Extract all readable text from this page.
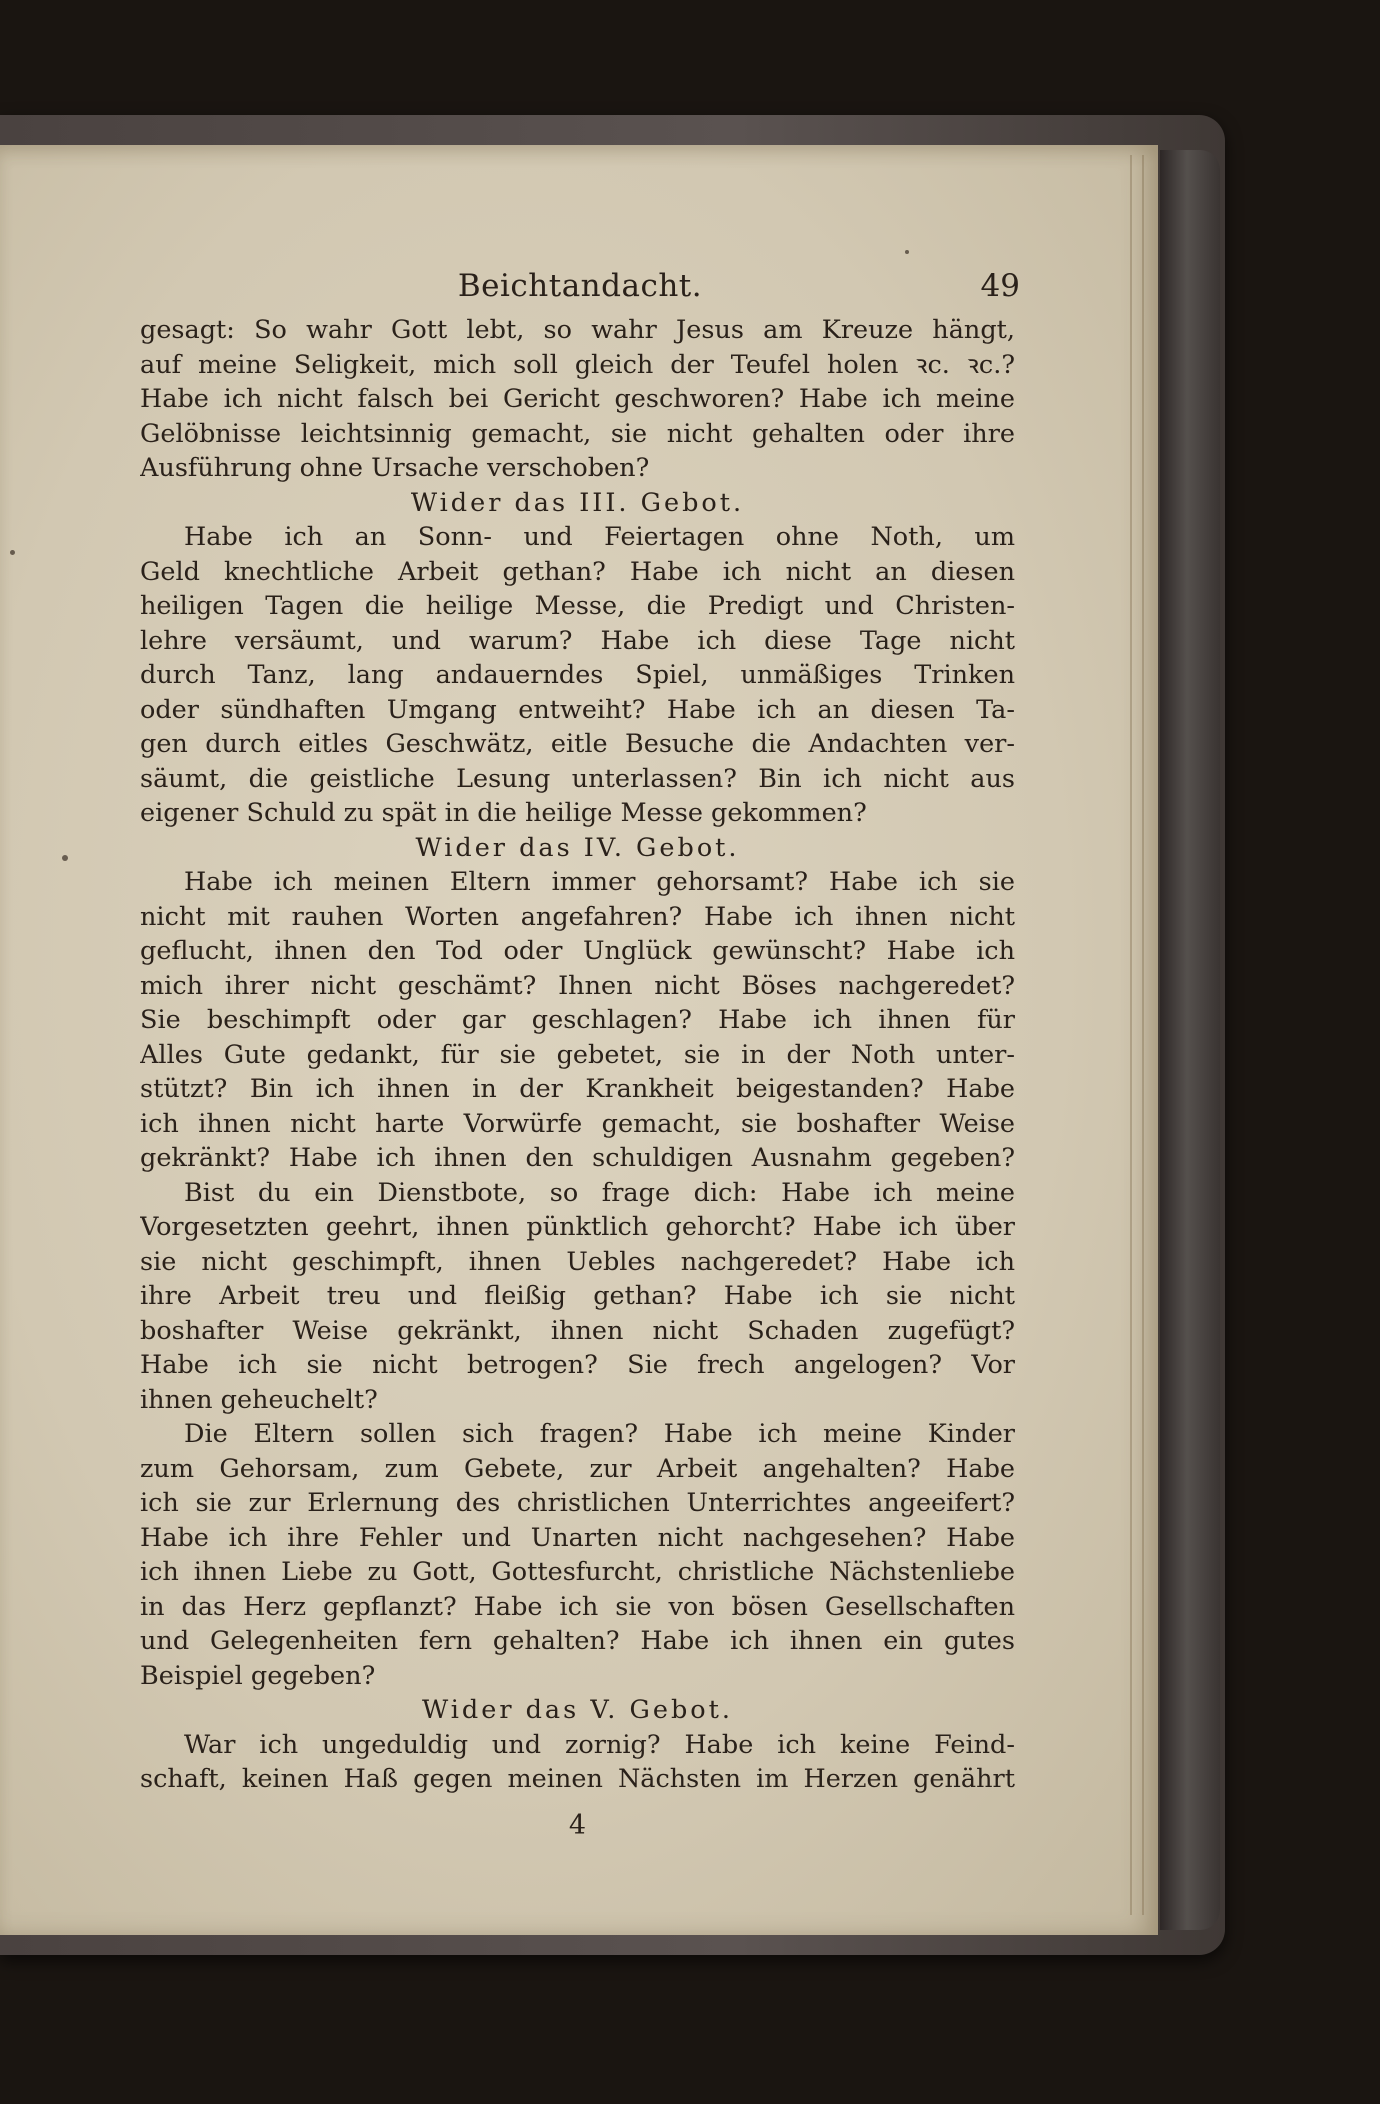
Beichtandacht.	49
gesagt: So wahr Gott lebt, so wahr Jesus am Kreuze hängt,
auf meine Seligkeit, mich soll gleich der Teufel holen ꝛc. ꝛc.?
Habe ich nicht falsch bei Gericht geschworen? Habe ich meine
Gelöbnisse leichtsinnig gemacht, sie nicht gehalten oder ihre
Ausführung ohne Ursache verschoben?
Wider das III. Gebot.
Habe ich an Sonn- und Feiertagen ohne Noth, um
Geld knechtliche Arbeit gethan? Habe ich nicht an diesen
heiligen Tagen die heilige Messe, die Predigt und Christen-
lehre versäumt, und warum? Habe ich diese Tage nicht
durch Tanz, lang andauerndes Spiel, unmäßiges Trinken
oder sündhaften Umgang entweiht? Habe ich an diesen Ta-
gen durch eitles Geschwätz, eitle Besuche die Andachten ver-
säumt, die geistliche Lesung unterlassen? Bin ich nicht aus
eigener Schuld zu spät in die heilige Messe gekommen?
Wider das IV. Gebot.
Habe ich meinen Eltern immer gehorsamt? Habe ich sie
nicht mit rauhen Worten angefahren? Habe ich ihnen nicht
geflucht, ihnen den Tod oder Unglück gewünscht? Habe ich
mich ihrer nicht geschämt? Ihnen nicht Böses nachgeredet?
Sie beschimpft oder gar geschlagen? Habe ich ihnen für
Alles Gute gedankt, für sie gebetet, sie in der Noth unter-
stützt? Bin ich ihnen in der Krankheit beigestanden? Habe
ich ihnen nicht harte Vorwürfe gemacht, sie boshafter Weise
gekränkt? Habe ich ihnen den schuldigen Ausnahm gegeben?
Bist du ein Dienstbote, so frage dich: Habe ich meine
Vorgesetzten geehrt, ihnen pünktlich gehorcht? Habe ich über
sie nicht geschimpft, ihnen Uebles nachgeredet? Habe ich
ihre Arbeit treu und fleißig gethan? Habe ich sie nicht
boshafter Weise gekränkt, ihnen nicht Schaden zugefügt?
Habe ich sie nicht betrogen? Sie frech angelogen? Vor
ihnen geheuchelt?
Die Eltern sollen sich fragen? Habe ich meine Kinder
zum Gehorsam, zum Gebete, zur Arbeit angehalten? Habe
ich sie zur Erlernung des christlichen Unterrichtes angeeifert?
Habe ich ihre Fehler und Unarten nicht nachgesehen? Habe
ich ihnen Liebe zu Gott, Gottesfurcht, christliche Nächstenliebe
in das Herz gepflanzt? Habe ich sie von bösen Gesellschaften
und Gelegenheiten fern gehalten? Habe ich ihnen ein gutes
Beispiel gegeben?
Wider das V. Gebot.
War ich ungeduldig und zornig? Habe ich keine Feind-
schaft, keinen Haß gegen meinen Nächsten im Herzen genährt
4
